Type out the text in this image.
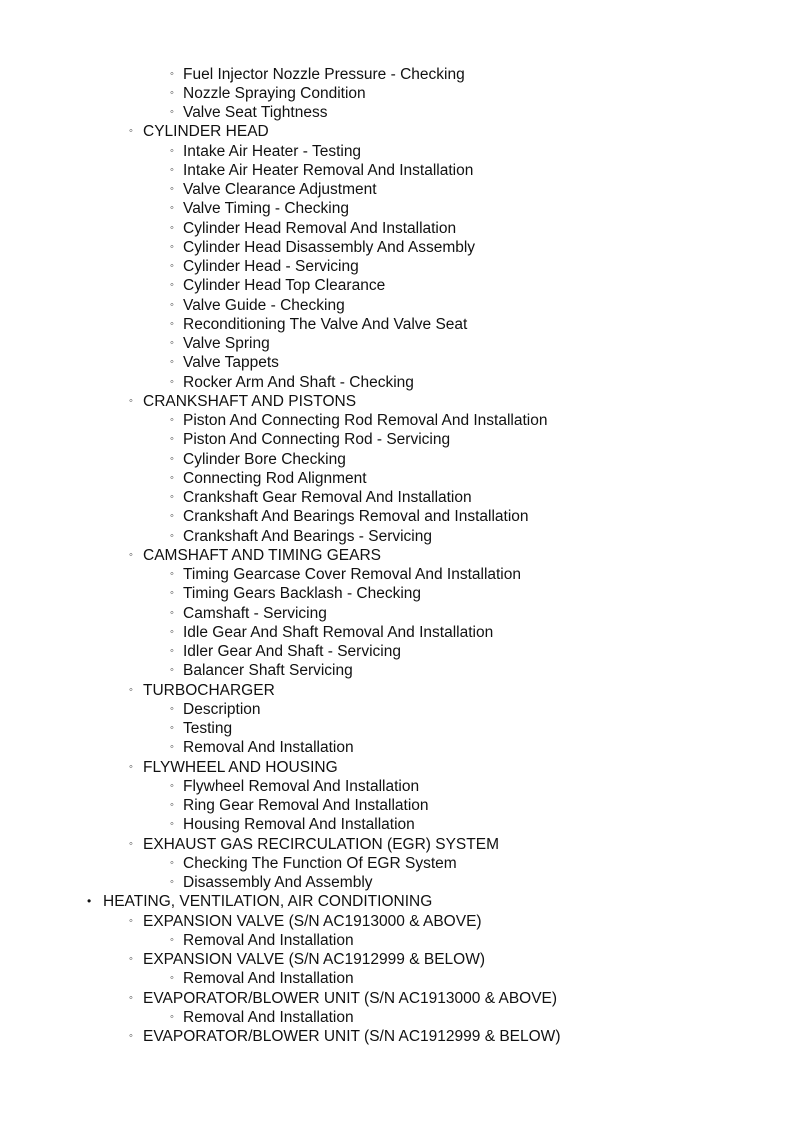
◦ Fuel Injector Nozzle Pressure - Checking
◦ Nozzle Spraying Condition
◦ Valve Seat Tightness
◦ CYLINDER HEAD
◦ Intake Air Heater - Testing
◦ Intake Air Heater Removal And Installation
◦ Valve Clearance Adjustment
◦ Valve Timing - Checking
◦ Cylinder Head Removal And Installation
◦ Cylinder Head Disassembly And Assembly
◦ Cylinder Head - Servicing
◦ Cylinder Head Top Clearance
◦ Valve Guide - Checking
◦ Reconditioning The Valve And Valve Seat
◦ Valve Spring
◦ Valve Tappets
◦ Rocker Arm And Shaft - Checking
◦ CRANKSHAFT AND PISTONS
◦ Piston And Connecting Rod Removal And Installation
◦ Piston And Connecting Rod - Servicing
◦ Cylinder Bore Checking
◦ Connecting Rod Alignment
◦ Crankshaft Gear Removal And Installation
◦ Crankshaft And Bearings Removal and Installation
◦ Crankshaft And Bearings - Servicing
◦ CAMSHAFT AND TIMING GEARS
◦ Timing Gearcase Cover Removal And Installation
◦ Timing Gears Backlash - Checking
◦ Camshaft - Servicing
◦ Idle Gear And Shaft Removal And Installation
◦ Idler Gear And Shaft - Servicing
◦ Balancer Shaft Servicing
◦ TURBOCHARGER
◦ Description
◦ Testing
◦ Removal And Installation
◦ FLYWHEEL AND HOUSING
◦ Flywheel Removal And Installation
◦ Ring Gear Removal And Installation
◦ Housing Removal And Installation
◦ EXHAUST GAS RECIRCULATION (EGR) SYSTEM
◦ Checking The Function Of EGR System
◦ Disassembly And Assembly
• HEATING, VENTILATION, AIR CONDITIONING
◦ EXPANSION VALVE (S/N AC1913000 & ABOVE)
◦ Removal And Installation
◦ EXPANSION VALVE (S/N AC1912999 & BELOW)
◦ Removal And Installation
◦ EVAPORATOR/BLOWER UNIT (S/N AC1913000 & ABOVE)
◦ Removal And Installation
◦ EVAPORATOR/BLOWER UNIT (S/N AC1912999 & BELOW)
